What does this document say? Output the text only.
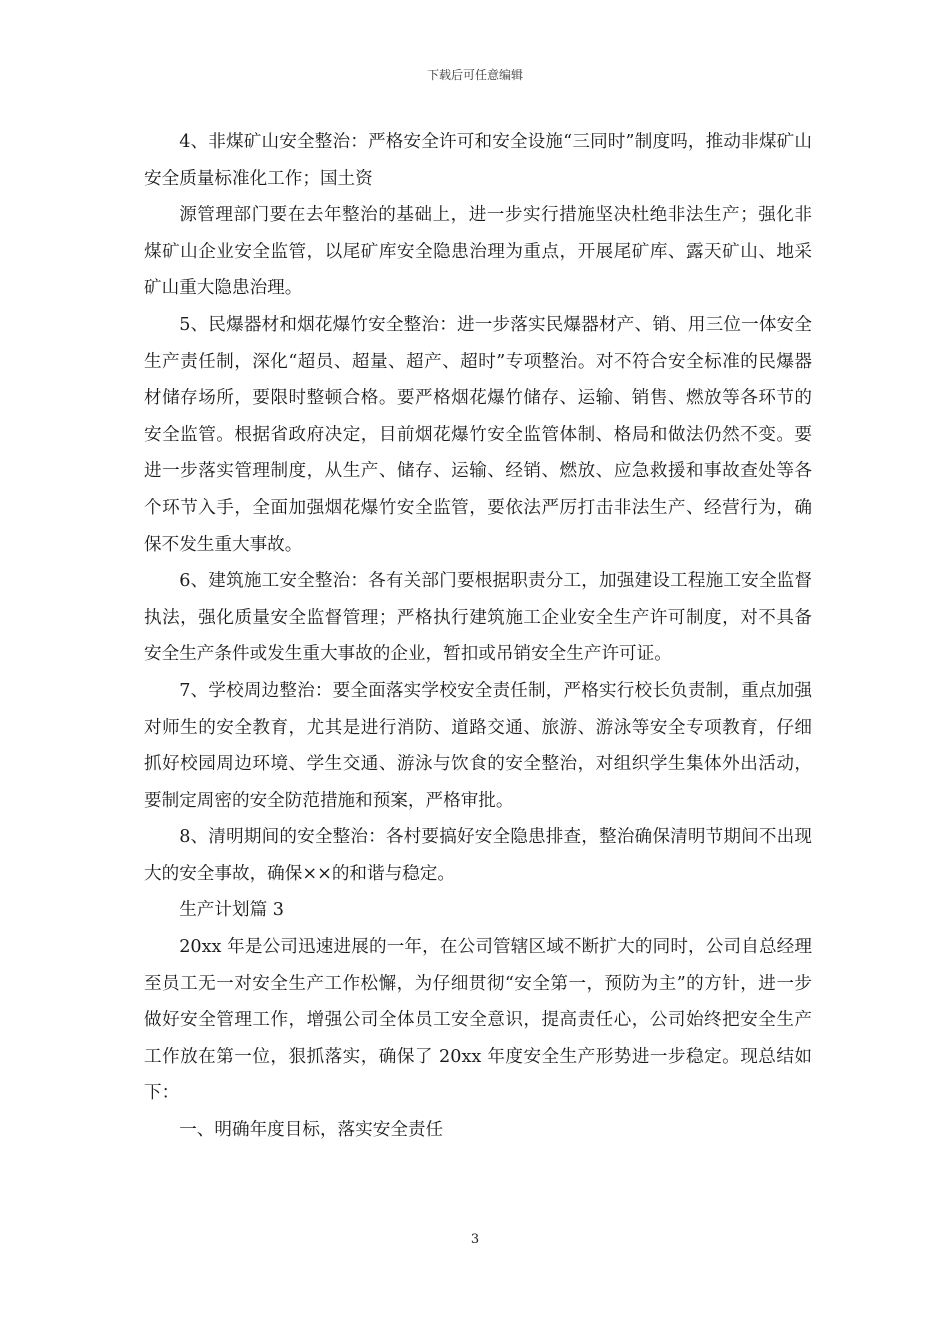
下载后可任意编辑

4、非煤矿山安全整治：严格安全许可和安全设施“三同时”制度吗，推动非煤矿山安全质量标准化工作；国土资

源管理部门要在去年整治的基础上，进一步实行措施坚决杜绝非法生产；强化非煤矿山企业安全监管，以尾矿库安全隐患治理为重点，开展尾矿库、露天矿山、地采矿山重大隐患治理。

5、民爆器材和烟花爆竹安全整治：进一步落实民爆器材产、销、用三位一体安全生产责任制，深化“超员、超量、超产、超时”专项整治。对不符合安全标准的民爆器材储存场所，要限时整顿合格。要严格烟花爆竹储存、运输、销售、燃放等各环节的安全监管。根据省政府决定，目前烟花爆竹安全监管体制、格局和做法仍然不变。要进一步落实管理制度，从生产、储存、运输、经销、燃放、应急救援和事故查处等各个环节入手，全面加强烟花爆竹安全监管，要依法严厉打击非法生产、经营行为，确保不发生重大事故。

6、建筑施工安全整治：各有关部门要根据职责分工，加强建设工程施工安全监督执法，强化质量安全监督管理；严格执行建筑施工企业安全生产许可制度，对不具备安全生产条件或发生重大事故的企业，暂扣或吊销安全生产许可证。

7、学校周边整治：要全面落实学校安全责任制，严格实行校长负责制，重点加强对师生的安全教育，尤其是进行消防、道路交通、旅游、游泳等安全专项教育，仔细抓好校园周边环境、学生交通、游泳与饮食的安全整治，对组织学生集体外出活动，要制定周密的安全防范措施和预案，严格审批。

8、清明期间的安全整治：各村要搞好安全隐患排查，整治确保清明节期间不出现大的安全事故，确保××的和谐与稳定。

生产计划篇 3

20xx 年是公司迅速进展的一年，在公司管辖区域不断扩大的同时，公司自总经理至员工无一对安全生产工作松懈，为仔细贯彻“安全第一，预防为主”的方针，进一步做好安全管理工作，增强公司全体员工安全意识，提高责任心，公司始终把安全生产工作放在第一位，狠抓落实，确保了 20xx 年度安全生产形势进一步稳定。现总结如下：

一、明确年度目标，落实安全责任

3
